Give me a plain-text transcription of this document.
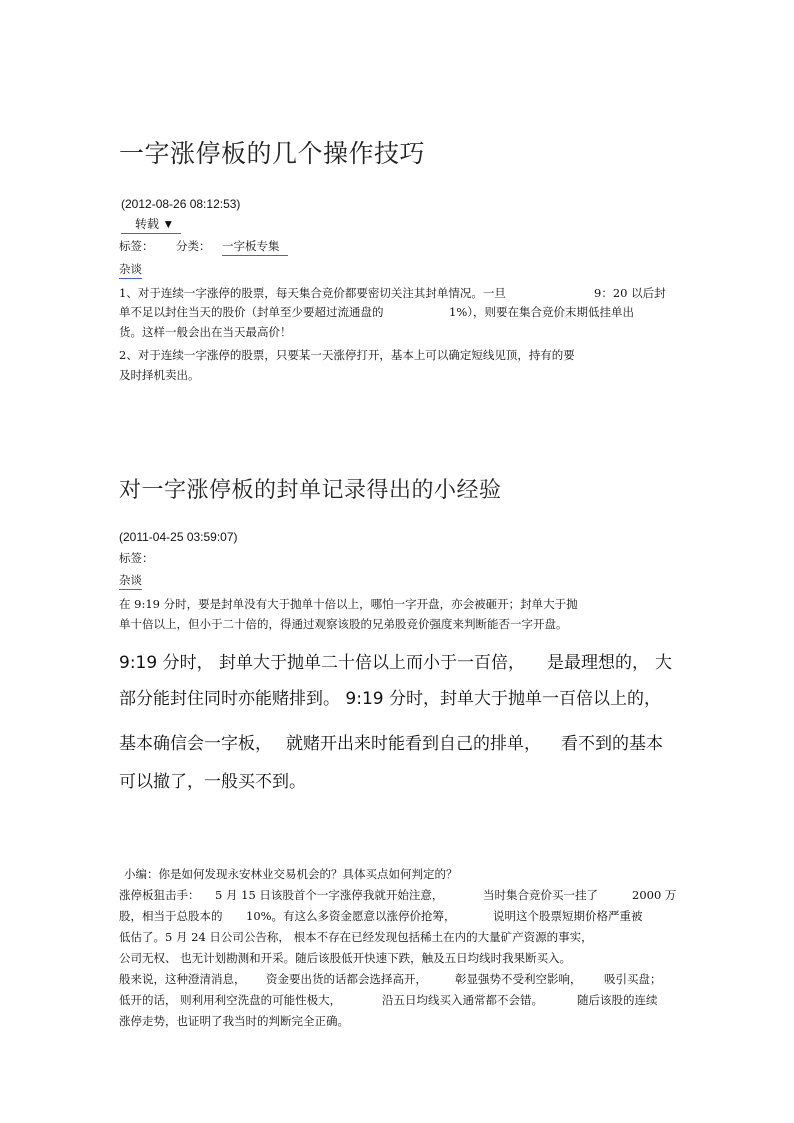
一字涨停板的几个操作技巧
(2012-08-26 08:12:53)
转载 ▼
标签： 分类： 一字板专集
杂谈
1、对于连续一字涨停的股票，每天集合竞价都要密切关注其封单情况。一旦	9：20 以后封
单不足以封住当天的股价（封单至少要超过流通盘的	1%），则要在集合竞价末期低挂单出
货。这样一般会出在当天最高价！
2、对于连续一字涨停的股票，只要某一天涨停打开，基本上可以确定短线见顶，持有的要
及时择机卖出。
对一字涨停板的封单记录得出的小经验
(2011-04-25 03:59:07)
标签：
杂谈
在 9:19 分时，要是封单没有大于抛单十倍以上，哪怕一字开盘，亦会被砸开；封单大于抛
单十倍以上，但小于二十倍的，得通过观察该股的兄弟股竞价强度来判断能否一字开盘。
9:19 分时， 封单大于抛单二十倍以上而小于一百倍， 是最理想的， 大
部分能封住同时亦能赌排到。 9:19 分时，封单大于抛单一百倍以上的，
基本确信会一字板， 就赌开出来时能看到自己的排单， 看不到的基本
可以撤了，一般买不到。
小编：你是如何发现永安林业交易机会的？具体买点如何判定的？
涨停板狙击手： 5 月 15 日该股首个一字涨停我就开始注意，	当时集合竞价买一挂了	2000 万
股，相当于总股本的 10%。有这么多资金愿意以涨停价抢筹，	说明这个股票短期价格严重被
低估了。5 月 24 日公司公告称， 根本不存在已经发现包括稀土在内的大量矿产资源的事实，
公司无权、 也无计划勘测和开采。随后该股低开快速下跌，触及五日均线时我果断买入。
般来说，这种澄清消息， 资金要出货的话都会选择高开， 彰显强势不受利空影响， 吸引买盘；
低开的话， 则利用利空洗盘的可能性极大，	沿五日均线买入通常都不会错。	随后该股的连续
涨停走势，也证明了我当时的判断完全正确。
